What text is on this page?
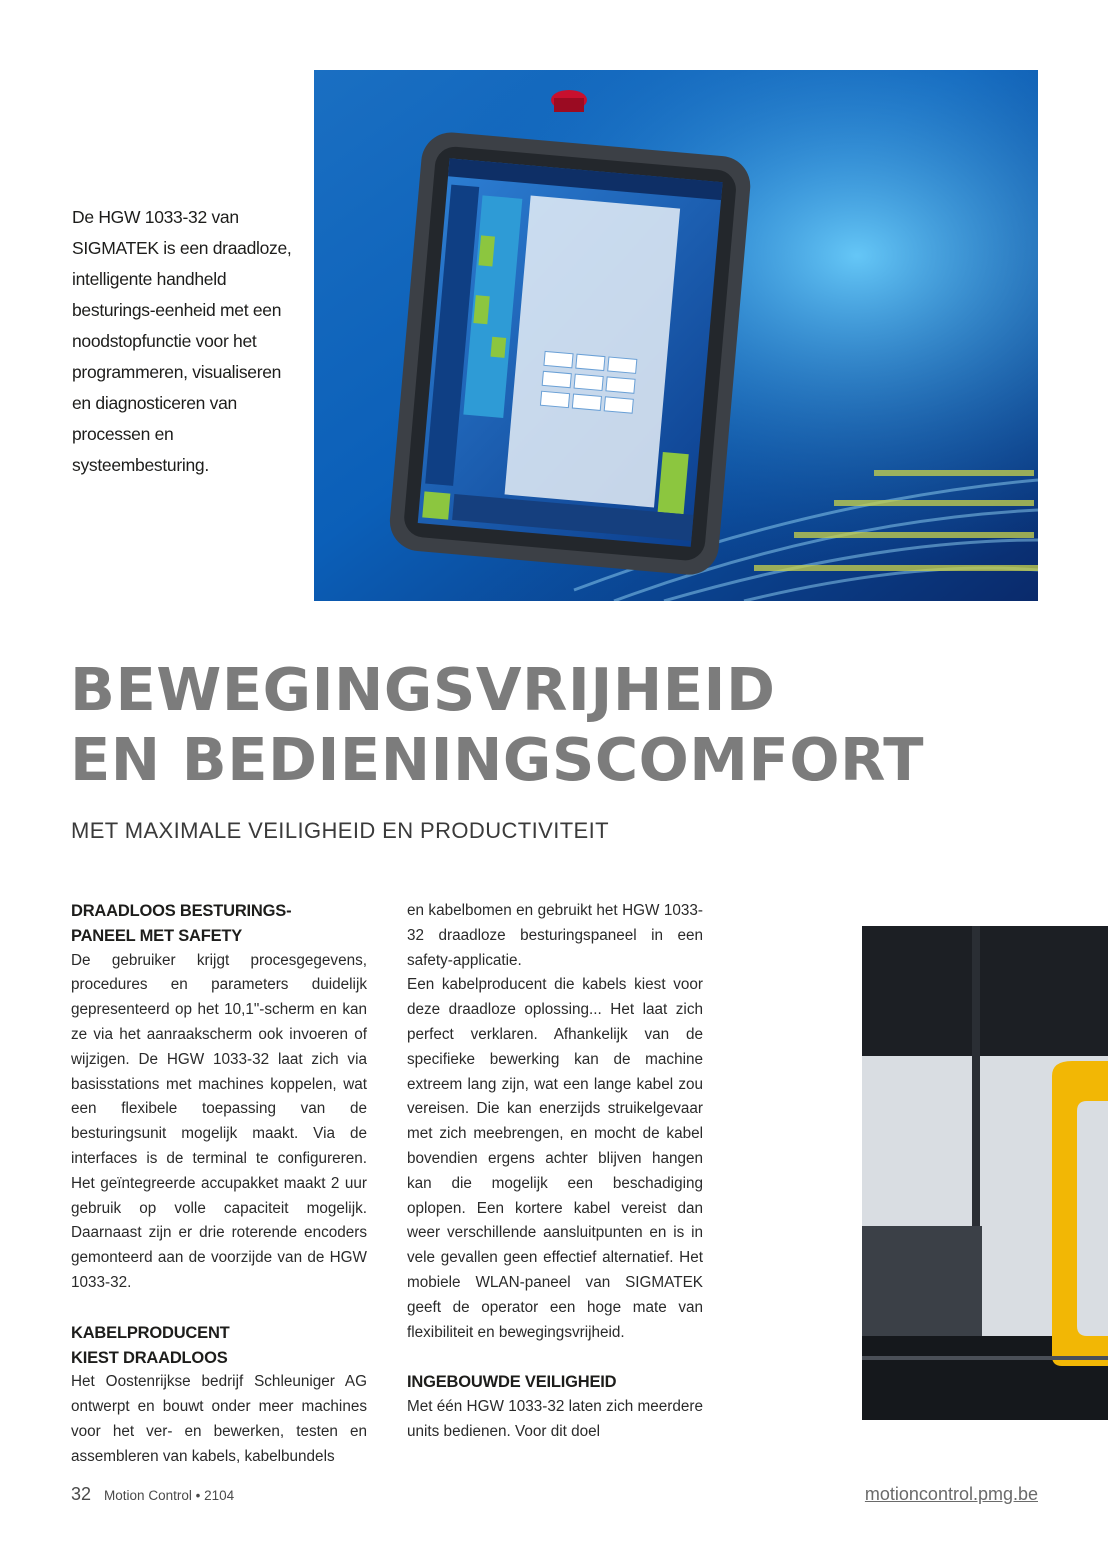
De HGW 1033-32 van SIGMATEK is een draadloze, intelligente handheld besturings-eenheid met een noodstopfunctie voor het programmeren, visualiseren en diagnosticeren van processen en systeembesturing.
BEWEGINGSVRIJHEID
EN BEDIENINGSCOMFORT
MET MAXIMALE VEILIGHEID EN PRODUCTIVITEIT
DRAADLOOS BESTURINGS-
PANEEL MET SAFETY

De gebruiker krijgt procesgegevens, procedures en parameters duidelijk gepresenteerd op het 10,1"-scherm en kan ze via het aanraakscherm ook invoeren of wijzigen. De HGW 1033-32 laat zich via basisstations met machines koppelen, wat een flexibele toepassing van de besturingsunit mogelijk maakt. Via de interfaces is de terminal te configureren. Het geïntegreerde accupakket maakt 2 uur gebruik op volle capaciteit mogelijk. Daarnaast zijn er drie roterende encoders gemonteerd aan de voorzijde van de HGW 1033-32.

KABELPRODUCENT
KIEST DRAADLOOS

Het Oostenrijkse bedrijf Schleuniger AG ontwerpt en bouwt onder meer machines voor het ver- en bewerken, testen en assembleren van kabels, kabelbundels

en kabelbomen en gebruikt het HGW 1033-32 draadloze besturingspaneel in een safety-applicatie.

Een kabelproducent die kabels kiest voor deze draadloze oplossing... Het laat zich perfect verklaren. Afhankelijk van de specifieke bewerking kan de machine extreem lang zijn, wat een lange kabel zou vereisen. Die kan enerzijds struikelgevaar met zich meebrengen, en mocht de kabel bovendien ergens achter blijven hangen kan die mogelijk een beschadiging oplopen. Een kortere kabel vereist dan weer verschillende aansluitpunten en is in vele gevallen geen effectief alternatief. Het mobiele WLAN-paneel van SIGMATEK geeft de operator een hoge mate van flexibiliteit en bewegingsvrijheid.

INGEBOUWDE VEILIGHEID

Met één HGW 1033-32 laten zich meerdere units bedienen. Voor dit doel

32 Motion Control • 2104	motioncontrol.pmg.be
